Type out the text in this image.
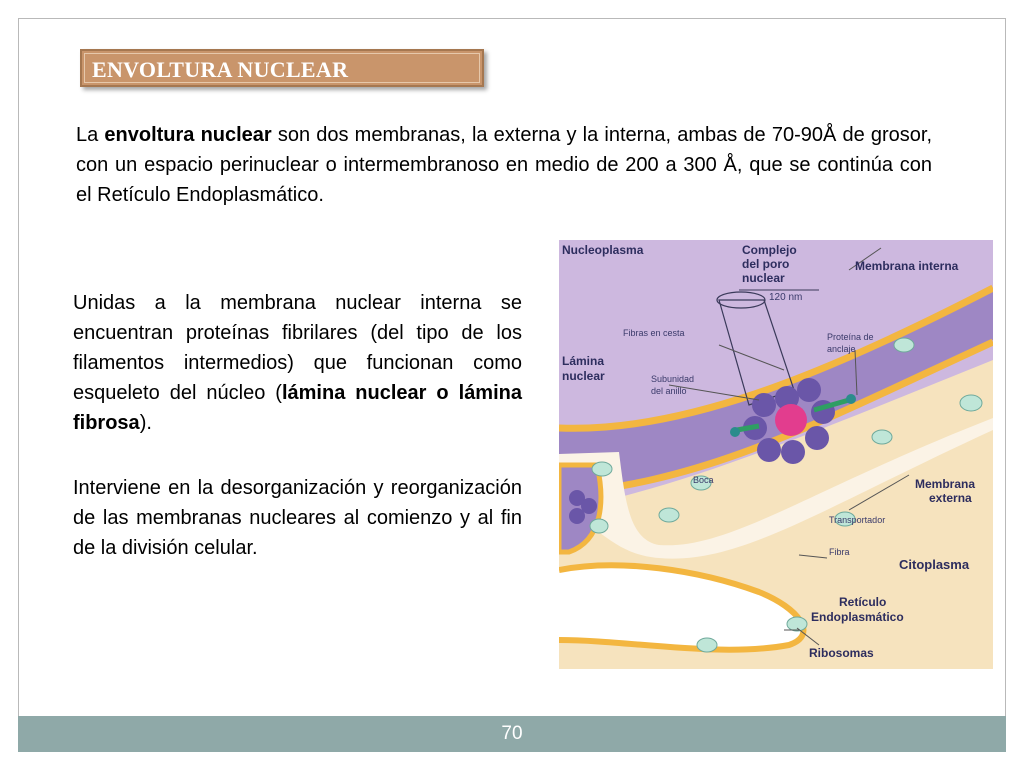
ENVOLTURA NUCLEAR

La envoltura nuclear son dos membranas, la externa y la interna, ambas de 70-90Å de grosor, con un espacio perinuclear o intermembranoso en medio de 200 a 300 Å, que se continúa con el Retículo Endoplasmático.

Unidas a la membrana nuclear interna se encuentran proteínas fibrilares (del tipo de los filamentos intermedios) que funcionan como esqueleto del núcleo (lámina nuclear o lámina fibrosa).

Interviene en la desorganización y reorganización de las membranas nucleares al comienzo y al fin de la división celular.

Nucleoplasma	Complejo
del poro
nuclear
120 nm
Membrana interna
Fibras en cesta	Proteína de
anclaje
Lámina
nuclear	Subunidad
del anillo
Boca	Membrana
externa
Transportador
Fibra
Citoplasma
Retículo
Endoplasmático
Ribosomas
70
